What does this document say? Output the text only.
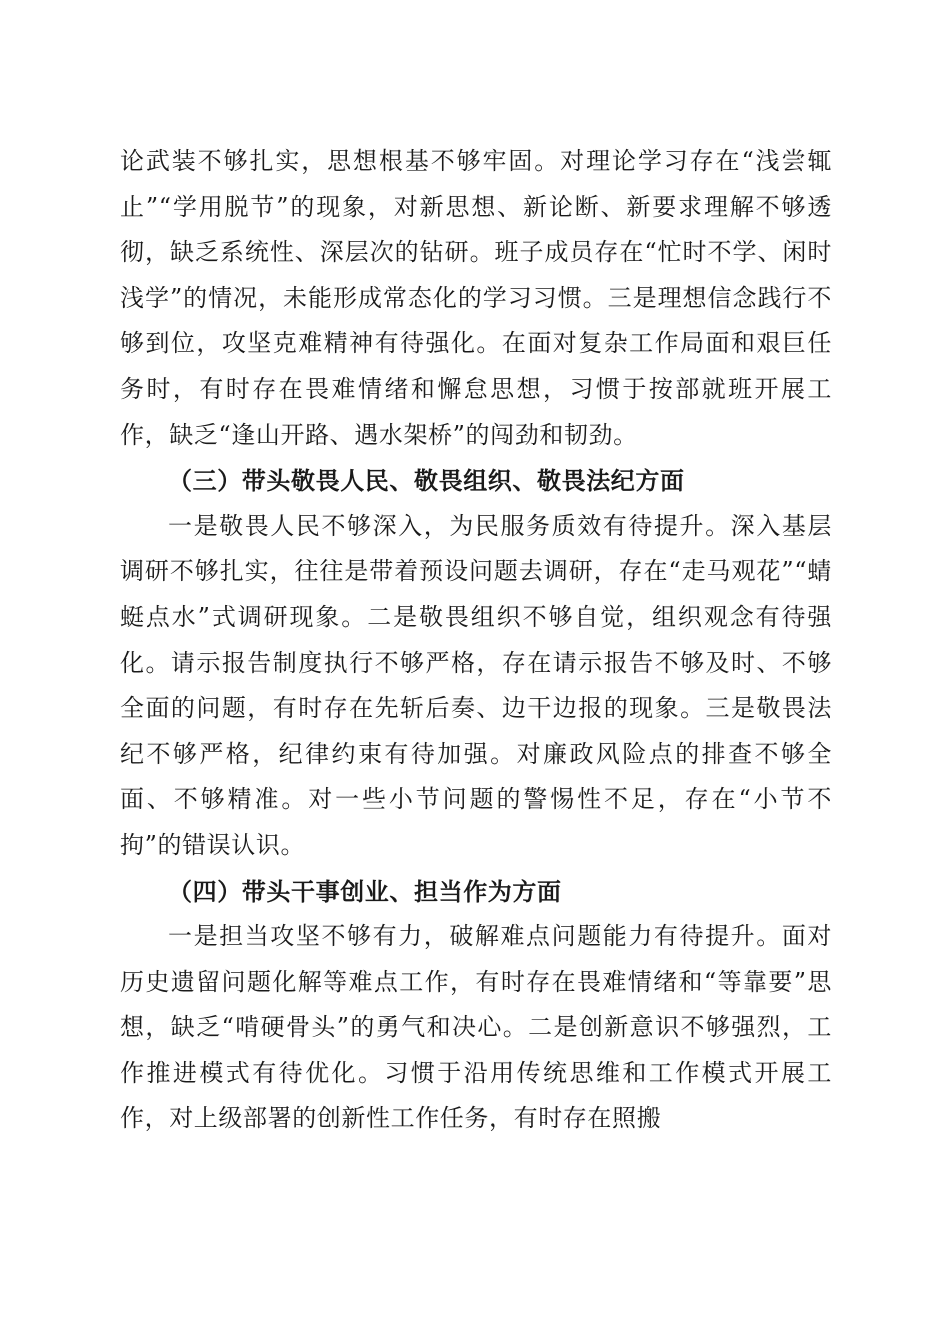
论武装不够扎实，思想根基不够牢固。对理论学习存在“浅尝辄止”“学用脱节”的现象，对新思想、新论断、新要求理解不够透彻，缺乏系统性、深层次的钻研。班子成员存在“忙时不学、闲时浅学”的情况，未能形成常态化的学习习惯。三是理想信念践行不够到位，攻坚克难精神有待强化。在面对复杂工作局面和艰巨任务时，有时存在畏难情绪和懈怠思想，习惯于按部就班开展工作，缺乏“逢山开路、遇水架桥”的闯劲和韧劲。

（三）带头敬畏人民、敬畏组织、敬畏法纪方面

一是敬畏人民不够深入，为民服务质效有待提升。深入基层调研不够扎实，往往是带着预设问题去调研，存在“走马观花”“蜻蜓点水”式调研现象。二是敬畏组织不够自觉，组织观念有待强化。请示报告制度执行不够严格，存在请示报告不够及时、不够全面的问题，有时存在先斩后奏、边干边报的现象。三是敬畏法纪不够严格，纪律约束有待加强。对廉政风险点的排查不够全面、不够精准。对一些小节问题的警惕性不足，存在“小节不拘”的错误认识。

（四）带头干事创业、担当作为方面

一是担当攻坚不够有力，破解难点问题能力有待提升。面对历史遗留问题化解等难点工作，有时存在畏难情绪和“等靠要”思想，缺乏“啃硬骨头”的勇气和决心。二是创新意识不够强烈，工作推进模式有待优化。习惯于沿用传统思维和工作模式开展工作，对上级部署的创新性工作任务，有时存在照搬
